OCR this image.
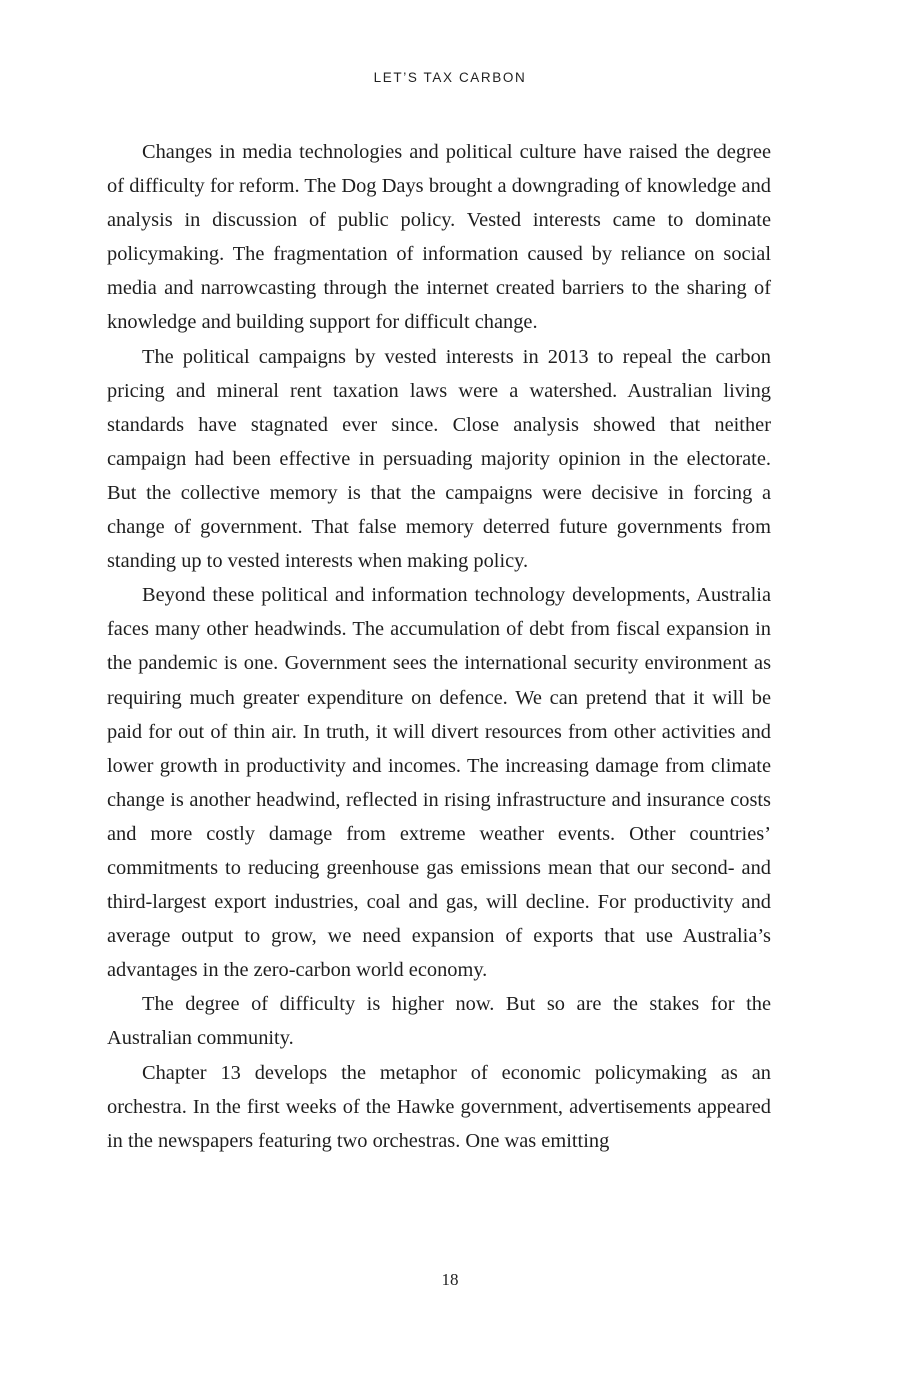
LET’S TAX CARBON

Changes in media technologies and political culture have raised the degree of difficulty for reform. The Dog Days brought a downgrading of knowledge and analysis in discussion of public policy. Vested interests came to dominate policymaking. The fragmentation of information caused by reliance on social media and narrowcasting through the internet created barriers to the sharing of knowledge and building support for difficult change.

The political campaigns by vested interests in 2013 to repeal the carbon pricing and mineral rent taxation laws were a watershed. Australian living standards have stagnated ever since. Close analysis showed that neither campaign had been effective in persuading majority opinion in the electorate. But the collective memory is that the campaigns were decisive in forcing a change of government. That false memory deterred future governments from standing up to vested interests when making policy.

Beyond these political and information technology developments, Australia faces many other headwinds. The accumulation of debt from fiscal expansion in the pandemic is one. Government sees the international security environment as requiring much greater expenditure on defence. We can pretend that it will be paid for out of thin air. In truth, it will divert resources from other activities and lower growth in productivity and incomes. The increasing damage from climate change is another headwind, reflected in rising infrastructure and insurance costs and more costly damage from extreme weather events. Other countries’ commitments to reducing greenhouse gas emissions mean that our second- and third-largest export industries, coal and gas, will decline. For productivity and average output to grow, we need expansion of exports that use Australia’s advantages in the zero-carbon world economy.

The degree of difficulty is higher now. But so are the stakes for the Australian community.

Chapter 13 develops the metaphor of economic policymaking as an orchestra. In the first weeks of the Hawke government, advertisements appeared in the newspapers featuring two orchestras. One was emitting

18
